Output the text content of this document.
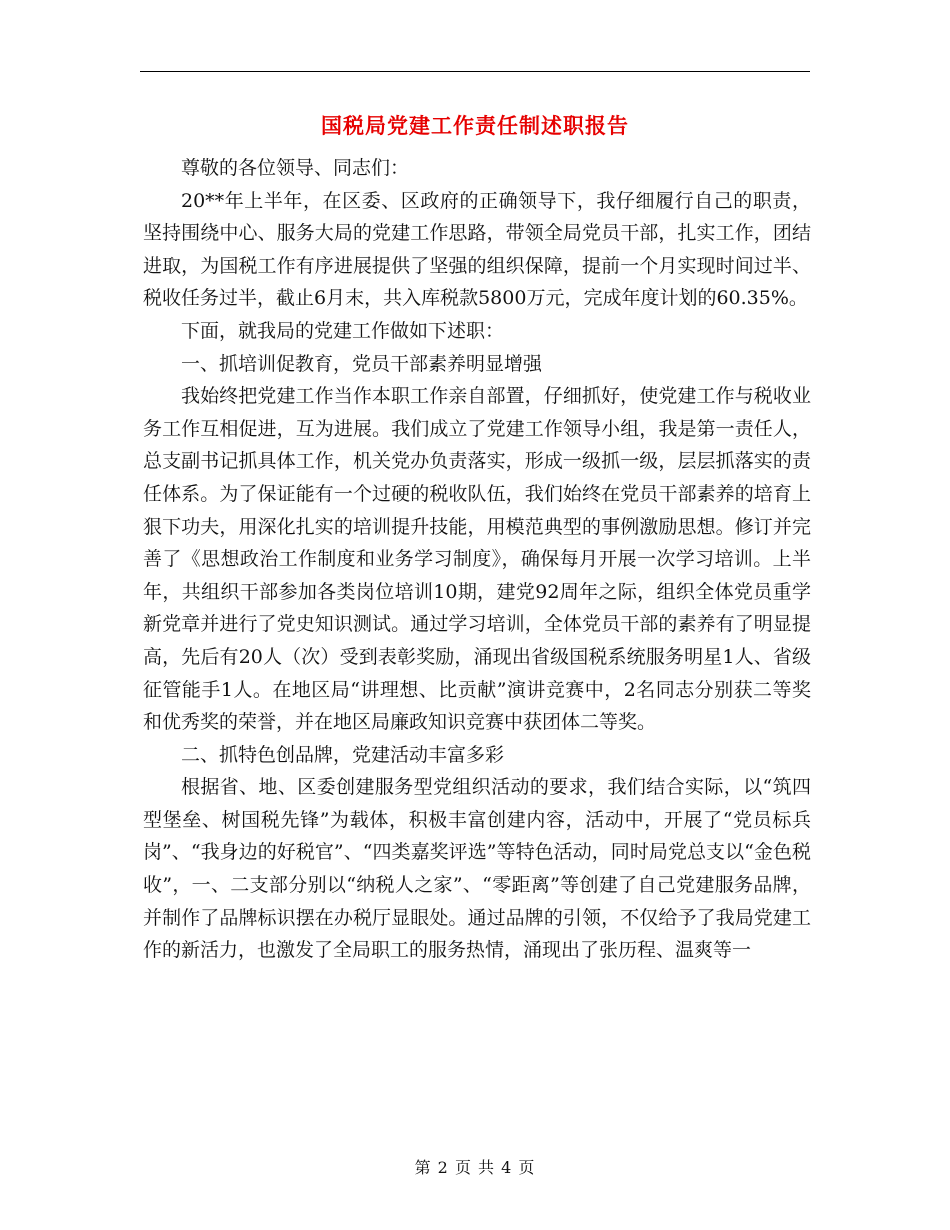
国税局党建工作责任制述职报告

尊敬的各位领导、同志们：

20**年上半年，在区委、区政府的正确领导下，我仔细履行自己的职责，坚持围绕中心、服务大局的党建工作思路，带领全局党员干部，扎实工作，团结进取，为国税工作有序进展提供了坚强的组织保障，提前一个月实现时间过半、税收任务过半，截止6月末，共入库税款5800万元，完成年度计划的60.35%。

下面，就我局的党建工作做如下述职：

一、抓培训促教育，党员干部素养明显增强

我始终把党建工作当作本职工作亲自部置，仔细抓好，使党建工作与税收业务工作互相促进，互为进展。我们成立了党建工作领导小组，我是第一责任人，总支副书记抓具体工作，机关党办负责落实，形成一级抓一级，层层抓落实的责任体系。为了保证能有一个过硬的税收队伍，我们始终在党员干部素养的培育上狠下功夫，用深化扎实的培训提升技能，用模范典型的事例激励思想。修订并完善了《思想政治工作制度和业务学习制度》，确保每月开展一次学习培训。上半年，共组织干部参加各类岗位培训10期，建党92周年之际，组织全体党员重学新党章并进行了党史知识测试。通过学习培训，全体党员干部的素养有了明显提高，先后有20人（次）受到表彰奖励，涌现出省级国税系统服务明星1人、省级征管能手1人。在地区局“讲理想、比贡献”演讲竞赛中，2名同志分别获二等奖和优秀奖的荣誉，并在地区局廉政知识竞赛中获团体二等奖。

二、抓特色创品牌，党建活动丰富多彩

根据省、地、区委创建服务型党组织活动的要求，我们结合实际，以“筑四型堡垒、树国税先锋”为载体，积极丰富创建内容，活动中，开展了“党员标兵岗”、“我身边的好税官”、“四类嘉奖评选”等特色活动，同时局党总支以“金色税收”，一、二支部分别以“纳税人之家”、“零距离”等创建了自己党建服务品牌，并制作了品牌标识摆在办税厅显眼处。通过品牌的引领，不仅给予了我局党建工作的新活力，也激发了全局职工的服务热情，涌现出了张历程、温爽等一

第 2 页 共 4 页
